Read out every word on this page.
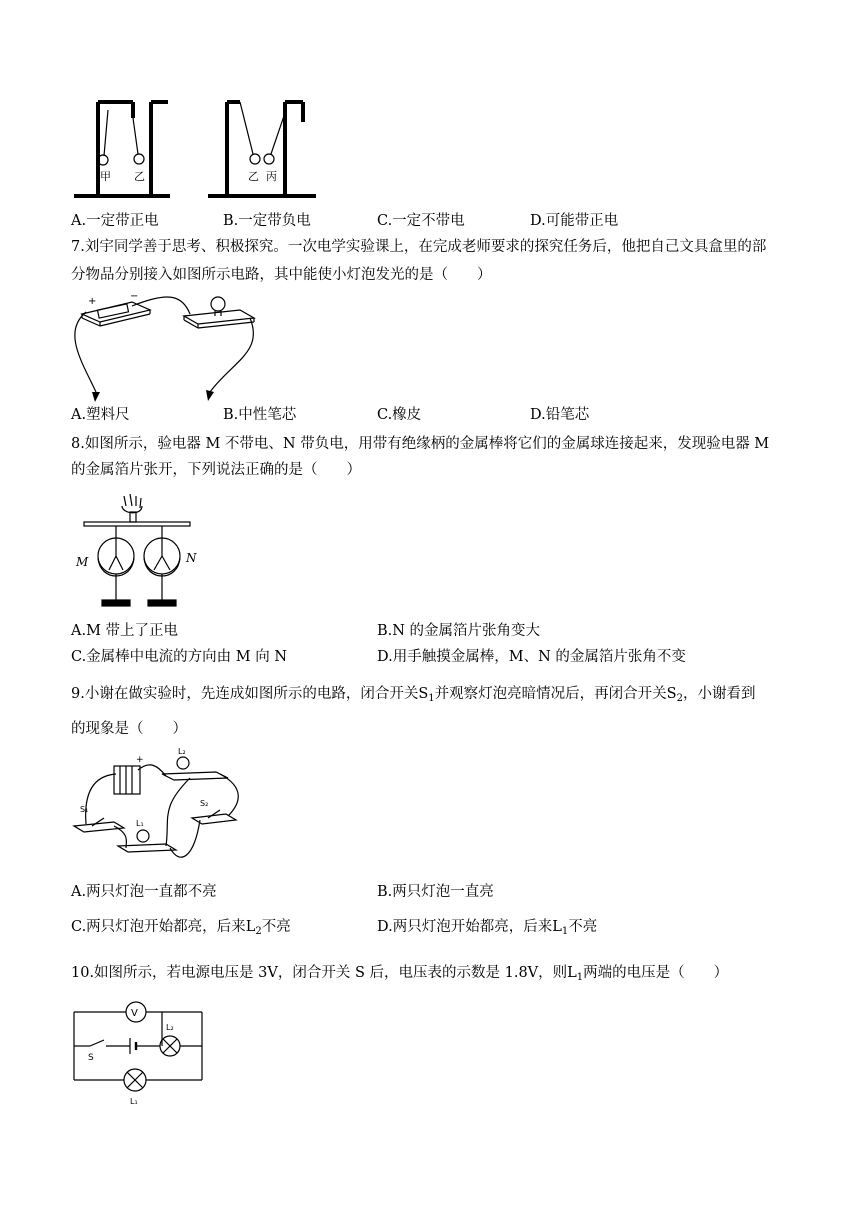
甲 乙	乙 丙
A.一定带正电	B.一定带负电	C.一定不带电	D.可能带正电
7.刘宇同学善于思考、积极探究。一次电学实验课上，在完成老师要求的探究任务后，他把自己文具盒里的部
分物品分别接入如图所示电路，其中能使小灯泡发光的是（　　）
+	−
A.塑料尺	B.中性笔芯	C.橡皮	D.铅笔芯
8.如图所示，验电器 M 不带电、N 带负电，用带有绝缘柄的金属棒将它们的金属球连接起来，发现验电器 M
的金属箔片张开，下列说法正确的是（　　）
M	N
A.M 带上了正电	B.N 的金属箔片张角变大
C.金属棒中电流的方向由 M 向 N	D.用手触摸金属棒，M、N 的金属箔片张角不变
9.小谢在做实验时，先连成如图所示的电路，闭合开关$S_1$并观察灯泡亮暗情况后，再闭合开关$S_2$，小谢看到
的现象是（　　）
L₂
S₁
S₂
L₁
+
A.两只灯泡一直都不亮	B.两只灯泡一直亮
C.两只灯泡开始都亮，后来$L_2$不亮	D.两只灯泡开始都亮，后来$L_1$不亮
10.如图所示，若电源电压是 3V，闭合开关 S 后，电压表的示数是 1.8V，则$L_1$两端的电压是（　　）
V
L₂
S
L₁
